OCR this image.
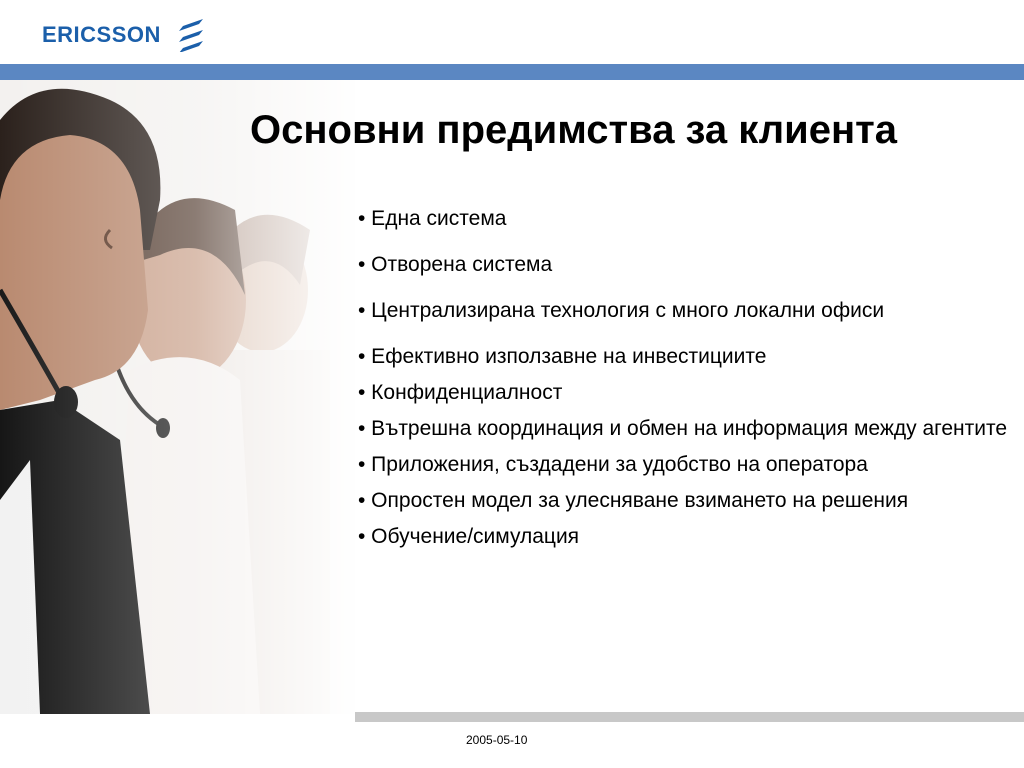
ERICSSON
Основни предимства за клиента
• Една система
• Отворена система
• Централизирана технология с много локални офиси
• Ефективно използавне на инвестициите
• Конфиденциалност
• Вътрешна координация и обмен на информация между агентите
• Приложения, създадени за удобство на оператора
• Опростен модел за улесняване взимането на решения
• Обучение/симулация
2005-05-10
